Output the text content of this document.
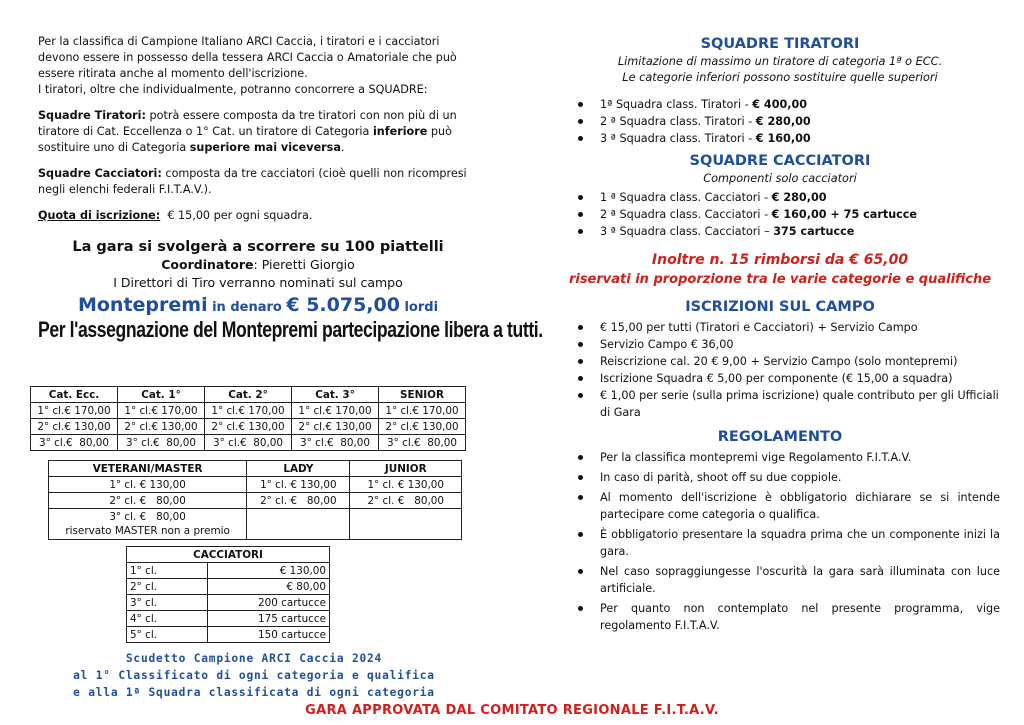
Per la classifica di Campione Italiano ARCI Caccia, i tiratori e i cacciatori devono essere in possesso della tessera ARCI Caccia o Amatoriale che può essere ritirata anche al momento dell'iscrizione.

I tiratori, oltre che individualmente, potranno concorrere a SQUADRE:

Squadre Tiratori: potrà essere composta da tre tiratori con non più di un tiratore di Cat. Eccellenza o 1° Cat. un tiratore di Categoria inferiore può sostituire uno di Categoria superiore mai viceversa.

Squadre Cacciatori: composta da tre cacciatori (cioè quelli non ricompresi negli elenchi federali F.I.T.A.V.).

Quota di iscrizione:  € 15,00 per ogni squadra.

La gara si svolgerà a scorrere su 100 piattelli
Coordinatore: Pieretti Giorgio
I Direttori di Tiro verranno nominati sul campo
Montepremi in denaro € 5.075,00 lordi
Per l'assegnazione del Montepremi partecipazione libera a tutti.
Cat. Ecc.	Cat. 1°	Cat. 2°	Cat. 3°	SENIOR
1° cl.€ 170,00	1° cl.€ 170,00	1° cl.€ 170,00	1° cl.€ 170,00	1° cl.€ 170,00
2° cl.€ 130,00	2° cl.€ 130,00	2° cl.€ 130,00	2° cl.€ 130,00	2° cl.€ 130,00
3° cl.€  80,00	3° cl.€  80,00	3° cl.€  80,00	3° cl.€  80,00	3° cl.€  80,00
VETERANI/MASTER	LADY	JUNIOR
1° cl. € 130,00	1° cl. € 130,00	1° cl. € 130,00
2° cl. €   80,00	2° cl. €   80,00	2° cl. €   80,00

3° cl. €   80,00
riservato MASTER non a premio		

CACCIATORI	
1° cl.	€ 130,00
2° cl.	€ 80,00
3° cl.	200 cartucce
4° cl.	175 cartucce
5° cl.	150 cartucce
Scudetto Campione ARCI Caccia 2024
al 1° Classificato di ogni categoria e qualifica
e alla 1ª Squadra classificata di ogni categoria
SQUADRE TIRATORI

Limitazione di massimo un tiratore di categoria 1ª o ECC.

Le categorie inferiori possono sostituire quelle superiori

1ª Squadra class. Tiratori - € 400,00
2 ª Squadra class. Tiratori - € 280,00
3 ª Squadra class. Tiratori - € 160,00
SQUADRE CACCIATORI

Componenti solo cacciatori

1 ª Squadra class. Cacciatori - € 280,00
2 ª Squadra class. Cacciatori - € 160,00 + 75 cartucce
3 ª Squadra class. Cacciatori – 375 cartucce
Inoltre n. 15 rimborsi da € 65,00
riservati in proporzione tra le varie categorie e qualifiche
ISCRIZIONI SUL CAMPO
€ 15,00 per tutti (Tiratori e Cacciatori) + Servizio Campo
Servizio Campo € 36,00
Reiscrizione cal. 20 € 9,00 + Servizio Campo (solo montepremi)
Iscrizione Squadra € 5,00 per componente (€ 15,00 a squadra)
€ 1,00 per serie (sulla prima iscrizione) quale contributo per gli Ufficiali di Gara
REGOLAMENTO
Per la classifica montepremi vige Regolamento F.I.T.A.V.
In caso di parità, shoot off su due coppiole.
Al momento dell'iscrizione è obbligatorio dichiarare se si intende partecipare come categoria o qualifica.
È obbligatorio presentare la squadra prima che un componente inizi la gara.
Nel caso sopraggiungesse l'oscurità la gara sarà illuminata con luce artificiale.
Per quanto non contemplato nel presente programma, vige regolamento F.I.T.A.V.
GARA APPROVATA DAL COMITATO REGIONALE F.I.T.A.V.
